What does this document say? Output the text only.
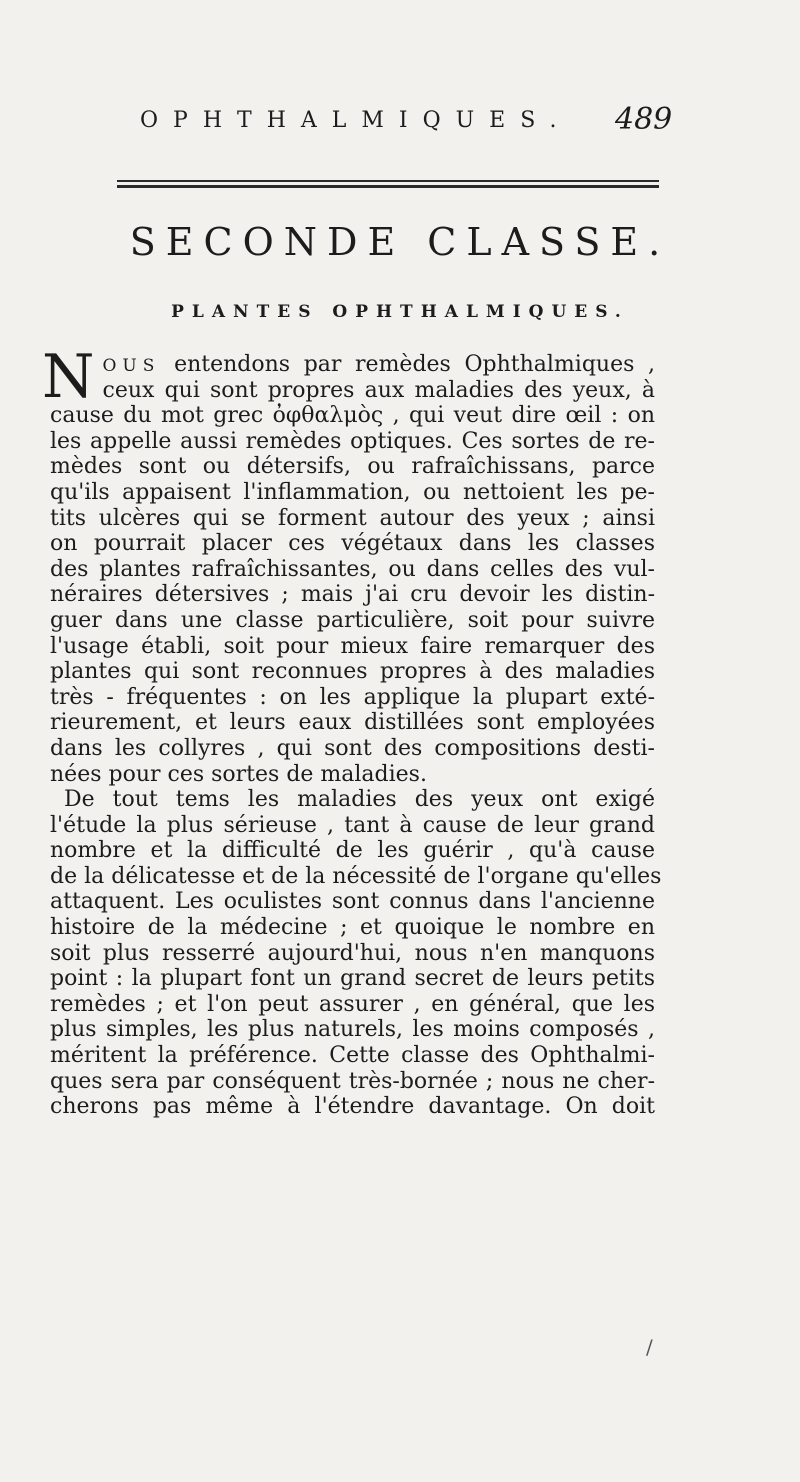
OPHTHALMIQUES. 489
SECONDE CLASSE.
PLANTES OPHTHALMIQUES.
N OUS entendons par remèdes Ophthalmiques ,
ceux qui sont propres aux maladies des yeux, à
cause du mot grec ὀφθαλμὸς , qui veut dire œil : on
les appelle aussi remèdes optiques. Ces sortes de re-
mèdes sont ou détersifs, ou rafraîchissans, parce
qu'ils appaisent l'inflammation, ou nettoient les pe-
tits ulcères qui se forment autour des yeux ; ainsi
on pourrait placer ces végétaux dans les classes
des plantes rafraîchissantes, ou dans celles des vul-
néraires détersives ; mais j'ai cru devoir les distin-
guer dans une classe particulière, soit pour suivre
l'usage établi, soit pour mieux faire remarquer des
plantes qui sont reconnues propres à des maladies
très - fréquentes : on les applique la plupart exté-
rieurement, et leurs eaux distillées sont employées
dans les collyres , qui sont des compositions desti-
nées pour ces sortes de maladies.
De tout tems les maladies des yeux ont exigé
l'étude la plus sérieuse , tant à cause de leur grand
nombre et la difficulté de les guérir , qu'à cause
de la délicatesse et de la nécessité de l'organe qu'elles
attaquent. Les oculistes sont connus dans l'ancienne
histoire de la médecine ; et quoique le nombre en
soit plus resserré aujourd'hui, nous n'en manquons
point : la plupart font un grand secret de leurs petits
remèdes ; et l'on peut assurer , en général, que les
plus simples, les plus naturels, les moins composés ,
méritent la préférence. Cette classe des Ophthalmi-
ques sera par conséquent très-bornée ; nous ne cher-
cherons pas même à l'étendre davantage. On doit
/
